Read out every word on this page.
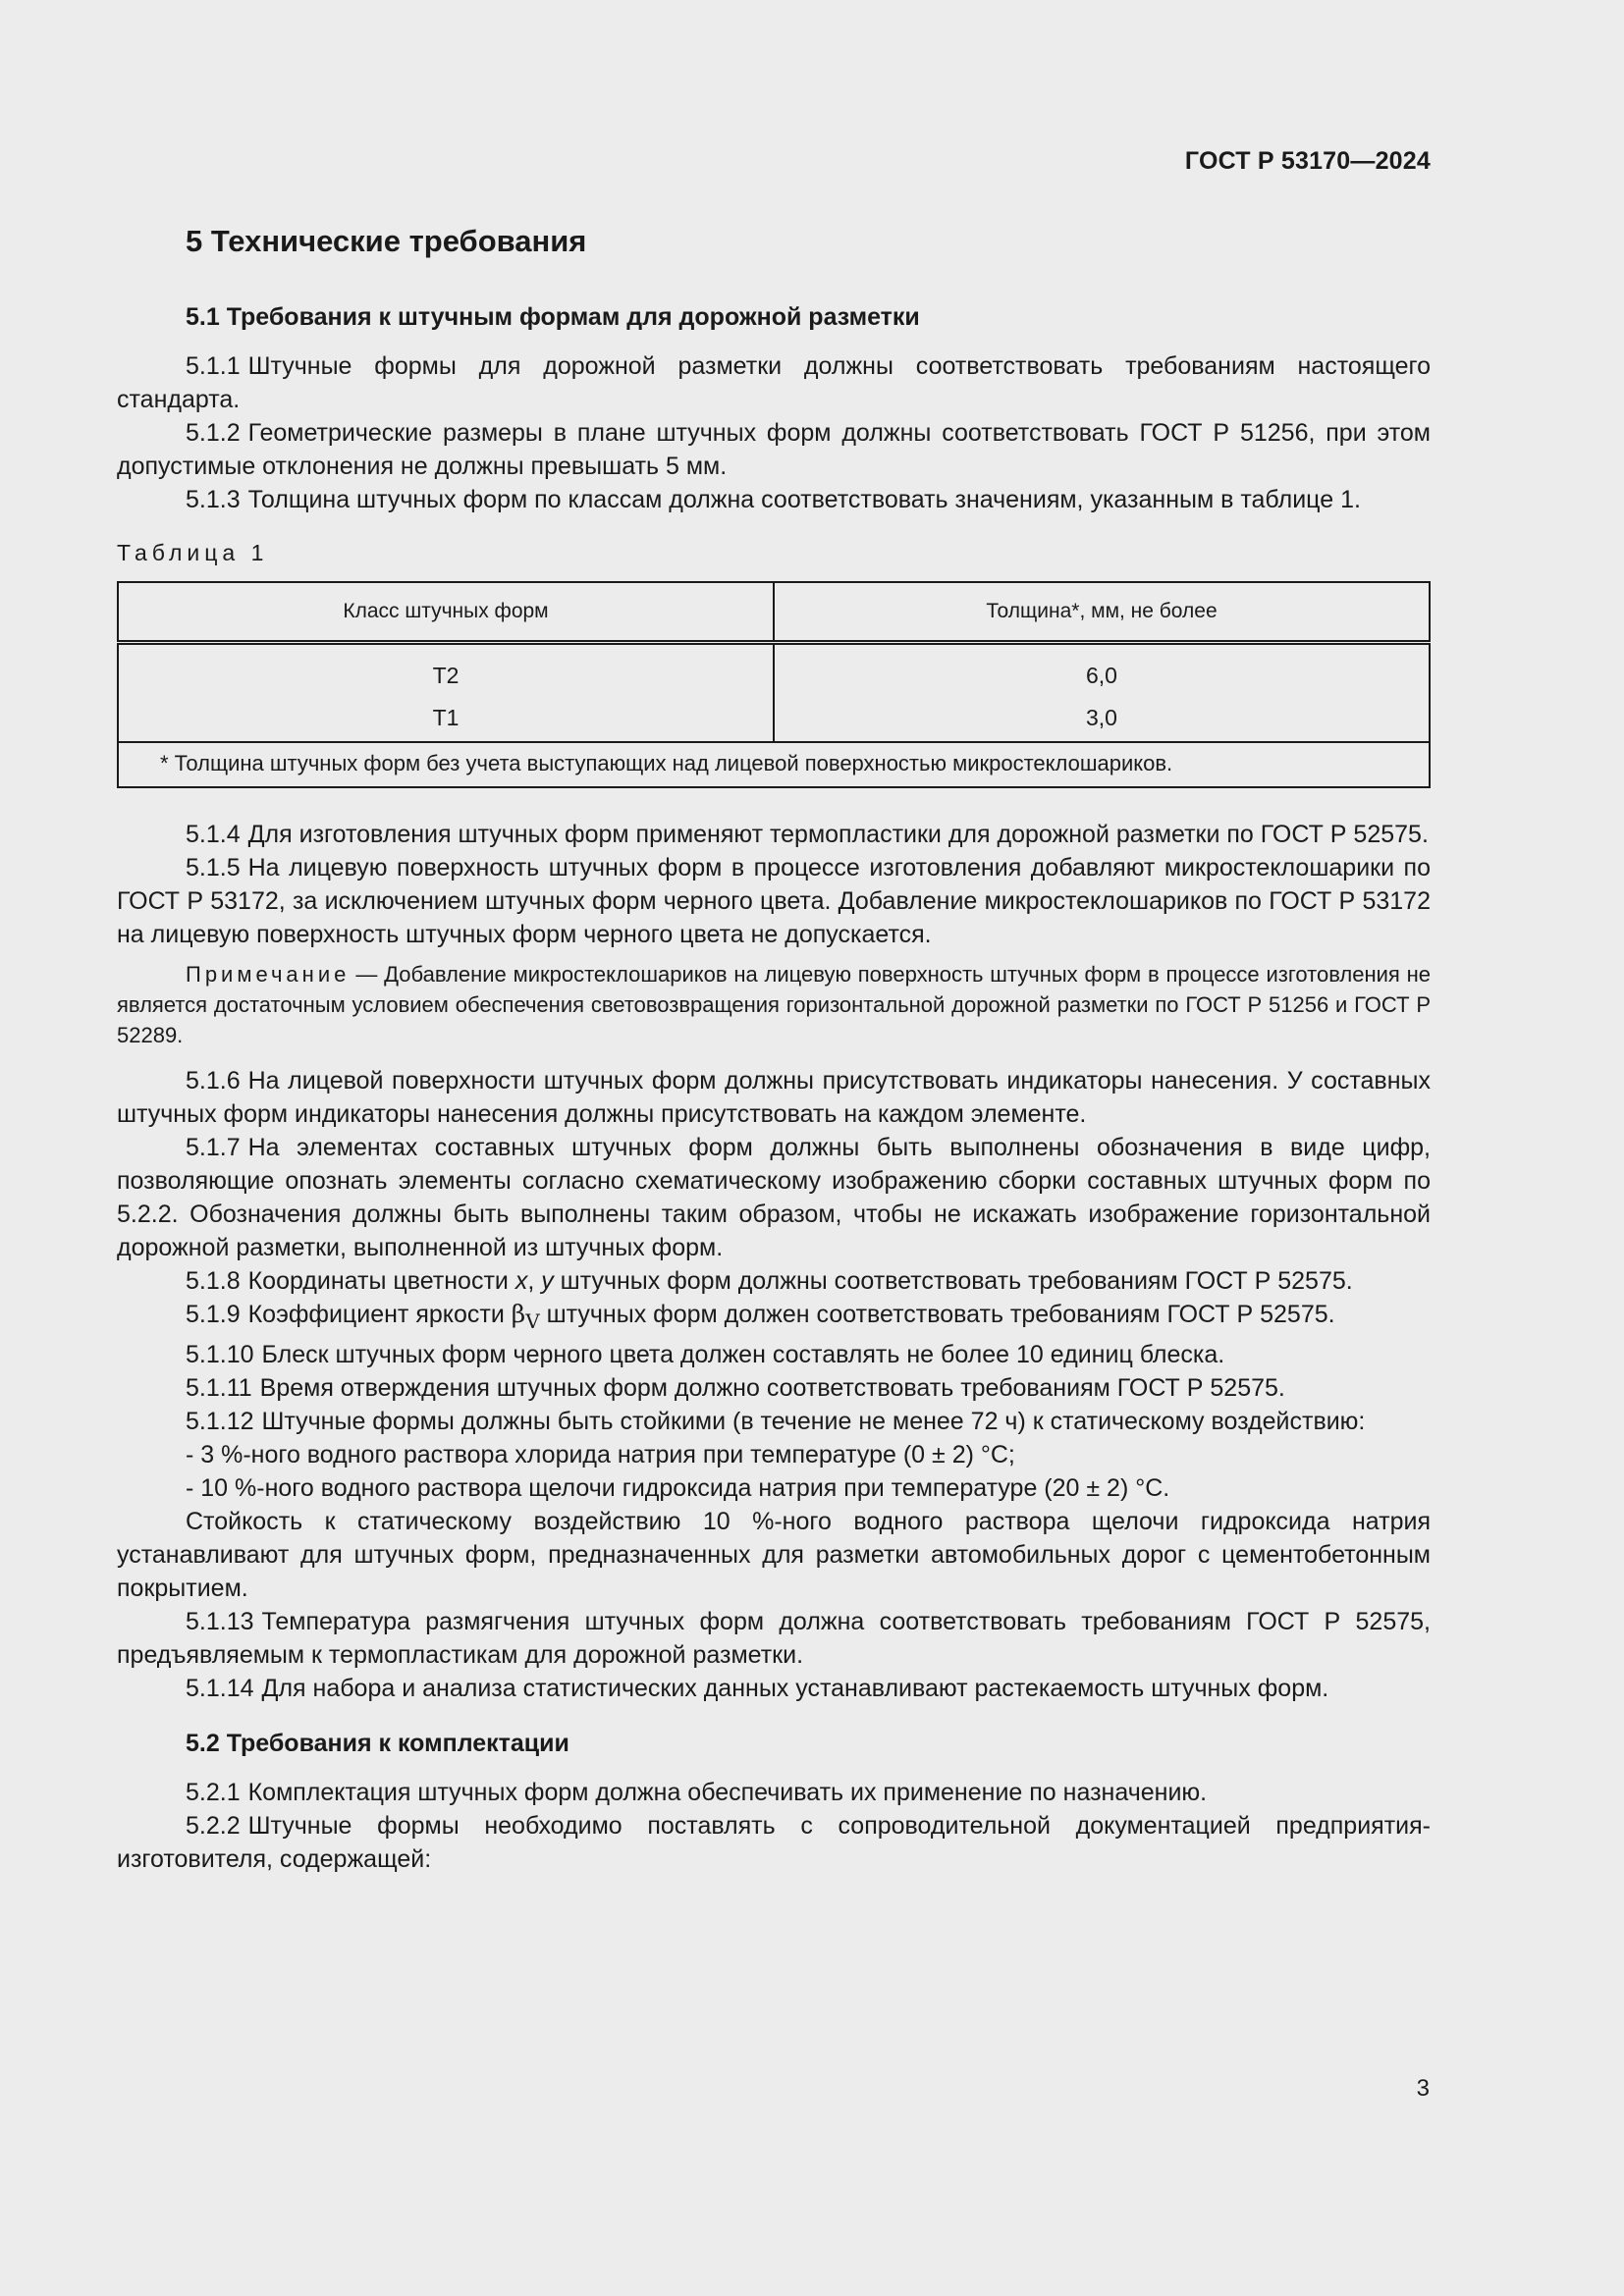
ГОСТ Р 53170—2024
5 Технические требования
5.1 Требования к штучным формам для дорожной разметки

5.1.1 Штучные формы для дорожной разметки должны соответствовать требованиям настоящего стандарта.

5.1.2 Геометрические размеры в плане штучных форм должны соответствовать ГОСТ Р 51256, при этом допустимые отклонения не должны превышать 5 мм.

5.1.3 Толщина штучных форм по классам должна соответствовать значениям, указанным в таблице 1.

Таблица 1
Класс штучных форм	Толщина*, мм, не более
Т2	6,0
Т1	3,0
* Толщина штучных форм без учета выступающих над лицевой поверхностью микростеклошариков.	

5.1.4 Для изготовления штучных форм применяют термопластики для дорожной разметки по ГОСТ Р 52575.

5.1.5 На лицевую поверхность штучных форм в процессе изготовления добавляют микростеклошарики по ГОСТ Р 53172, за исключением штучных форм черного цвета. Добавление микростеклошариков по ГОСТ Р 53172 на лицевую поверхность штучных форм черного цвета не допускается.

Примечание — Добавление микростеклошариков на лицевую поверхность штучных форм в процессе изготовления не является достаточным условием обеспечения световозвращения горизонтальной дорожной разметки по ГОСТ Р 51256 и ГОСТ Р 52289.

5.1.6 На лицевой поверхности штучных форм должны присутствовать индикаторы нанесения. У составных штучных форм индикаторы нанесения должны присутствовать на каждом элементе.

5.1.7 На элементах составных штучных форм должны быть выполнены обозначения в виде цифр, позволяющие опознать элементы согласно схематическому изображению сборки составных штучных форм по 5.2.2. Обозначения должны быть выполнены таким образом, чтобы не искажать изображение горизонтальной дорожной разметки, выполненной из штучных форм.

5.1.8 Координаты цветности x, y штучных форм должны соответствовать требованиям ГОСТ Р 52575.

5.1.9 Коэффициент яркости $\beta_V$ штучных форм должен соответствовать требованиям ГОСТ Р 52575.

5.1.10 Блеск штучных форм черного цвета должен составлять не более 10 единиц блеска.

5.1.11 Время отверждения штучных форм должно соответствовать требованиям ГОСТ Р 52575.

5.1.12 Штучные формы должны быть стойкими (в течение не менее 72 ч) к статическому воздействию:

- 3 %-ного водного раствора хлорида натрия при температуре (0 ± 2) °С;

- 10 %-ного водного раствора щелочи гидроксида натрия при температуре (20 ± 2) °С.

Стойкость к статическому воздействию 10 %-ного водного раствора щелочи гидроксида натрия устанавливают для штучных форм, предназначенных для разметки автомобильных дорог с цементобетонным покрытием.

5.1.13 Температура размягчения штучных форм должна соответствовать требованиям ГОСТ Р 52575, предъявляемым к термопластикам для дорожной разметки.

5.1.14 Для набора и анализа статистических данных устанавливают растекаемость штучных форм.

5.2 Требования к комплектации

5.2.1 Комплектация штучных форм должна обеспечивать их применение по назначению.

5.2.2 Штучные формы необходимо поставлять с сопроводительной документацией предприятия-изготовителя, содержащей:

3
